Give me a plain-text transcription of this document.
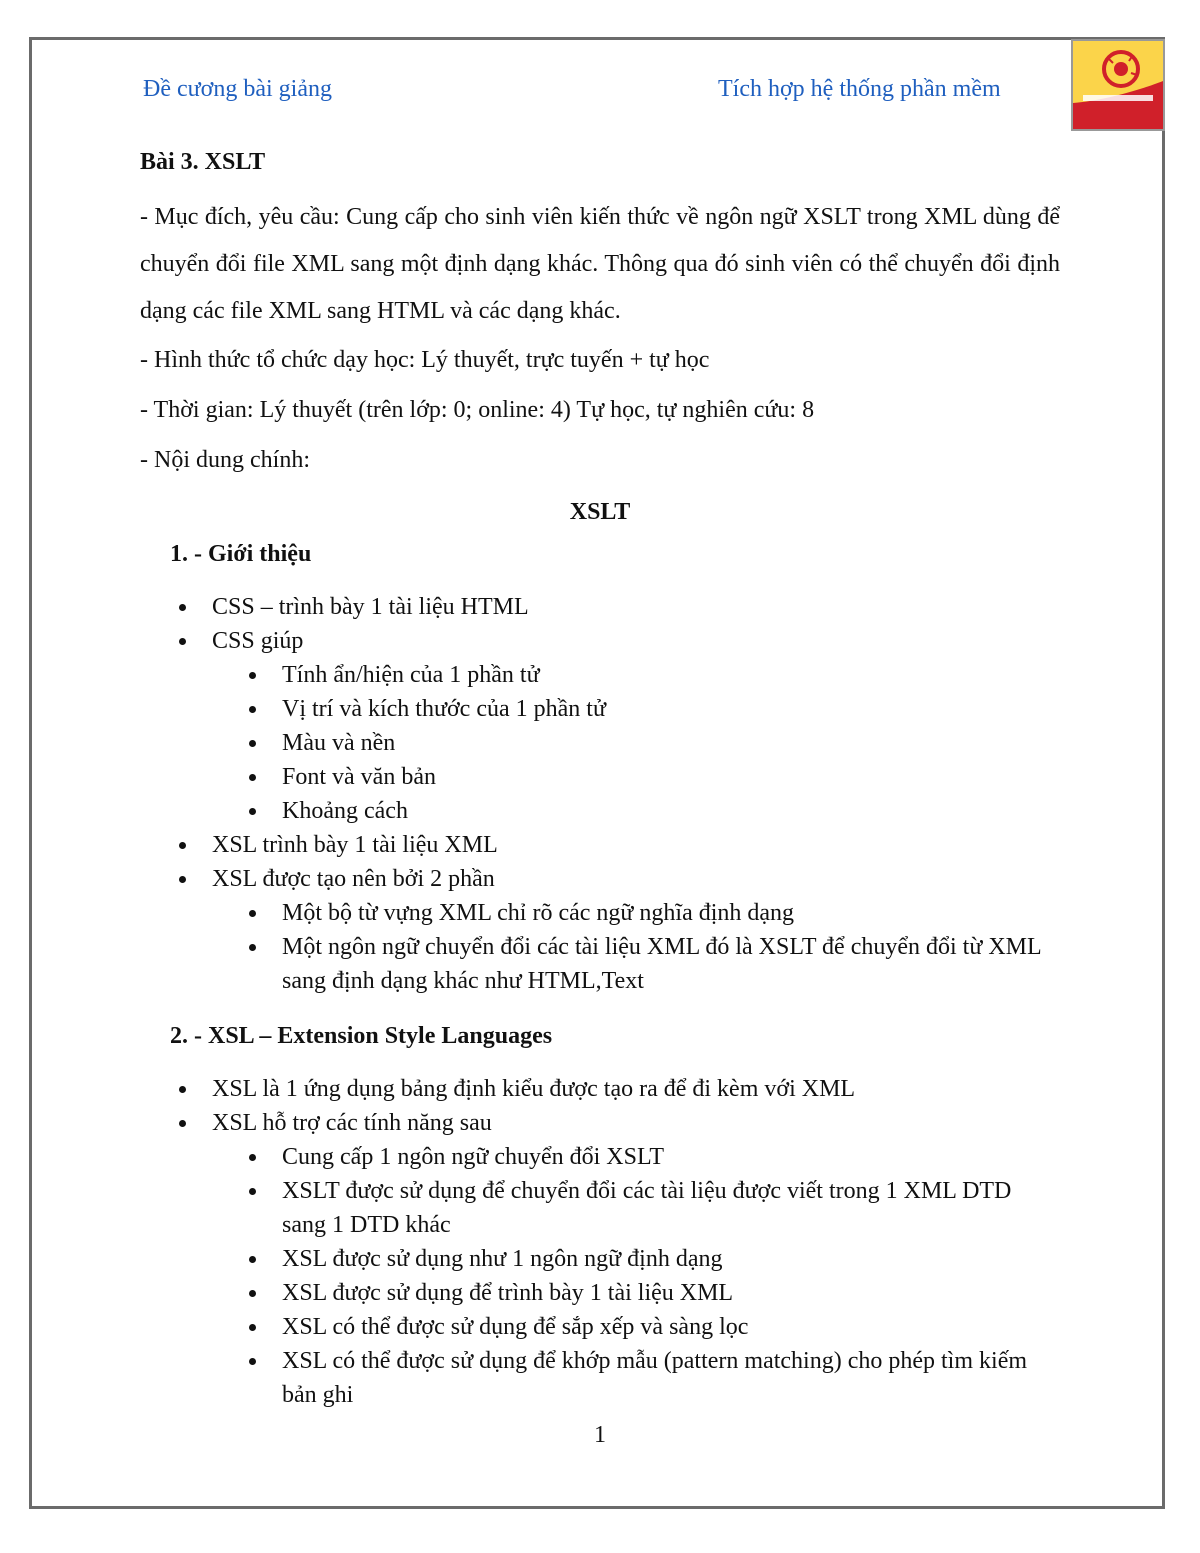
Đề cương bài giảng	Tích hợp hệ thống phần mềm

Bài 3. XSLT

- Mục đích, yêu cầu: Cung cấp cho sinh viên kiến thức về ngôn ngữ XSLT trong XML dùng để chuyển đổi file XML sang một định dạng khác. Thông qua đó sinh viên có thể chuyển đổi định dạng các file XML sang HTML và các dạng khác.

- Hình thức tổ chức dạy học: Lý thuyết, trực tuyến + tự học

- Thời gian: Lý thuyết (trên lớp: 0; online: 4) Tự học, tự nghiên cứu: 8

- Nội dung chính:

XSLT

1. - Giới thiệu

CSS – trình bày 1 tài liệu HTML
CSS giúp
Tính ẩn/hiện của 1 phần tử
Vị trí và kích thước của 1 phần tử
Màu và nền
Font và văn bản
Khoảng cách
XSL trình bày 1 tài liệu XML
XSL được tạo nên bởi 2 phần
Một bộ từ vựng XML chỉ rõ các ngữ nghĩa định dạng
Một ngôn ngữ chuyển đổi các tài liệu XML đó là XSLT để chuyển đổi từ XML sang định dạng khác như HTML,Text

2. - XSL – Extension Style Languages

XSL là 1 ứng dụng bảng định kiểu được tạo ra để đi kèm với XML
XSL hỗ trợ các tính năng sau
Cung cấp 1 ngôn ngữ chuyển đổi XSLT
XSLT được sử dụng để chuyển đổi các tài liệu được viết trong 1 XML DTD sang 1 DTD khác
XSL được sử dụng như 1 ngôn ngữ định dạng
XSL được sử dụng để trình bày 1 tài liệu XML
XSL có thể được sử dụng để sắp xếp và sàng lọc
XSL có thể được sử dụng để khớp mẫu (pattern matching) cho phép tìm kiếm bản ghi
1
